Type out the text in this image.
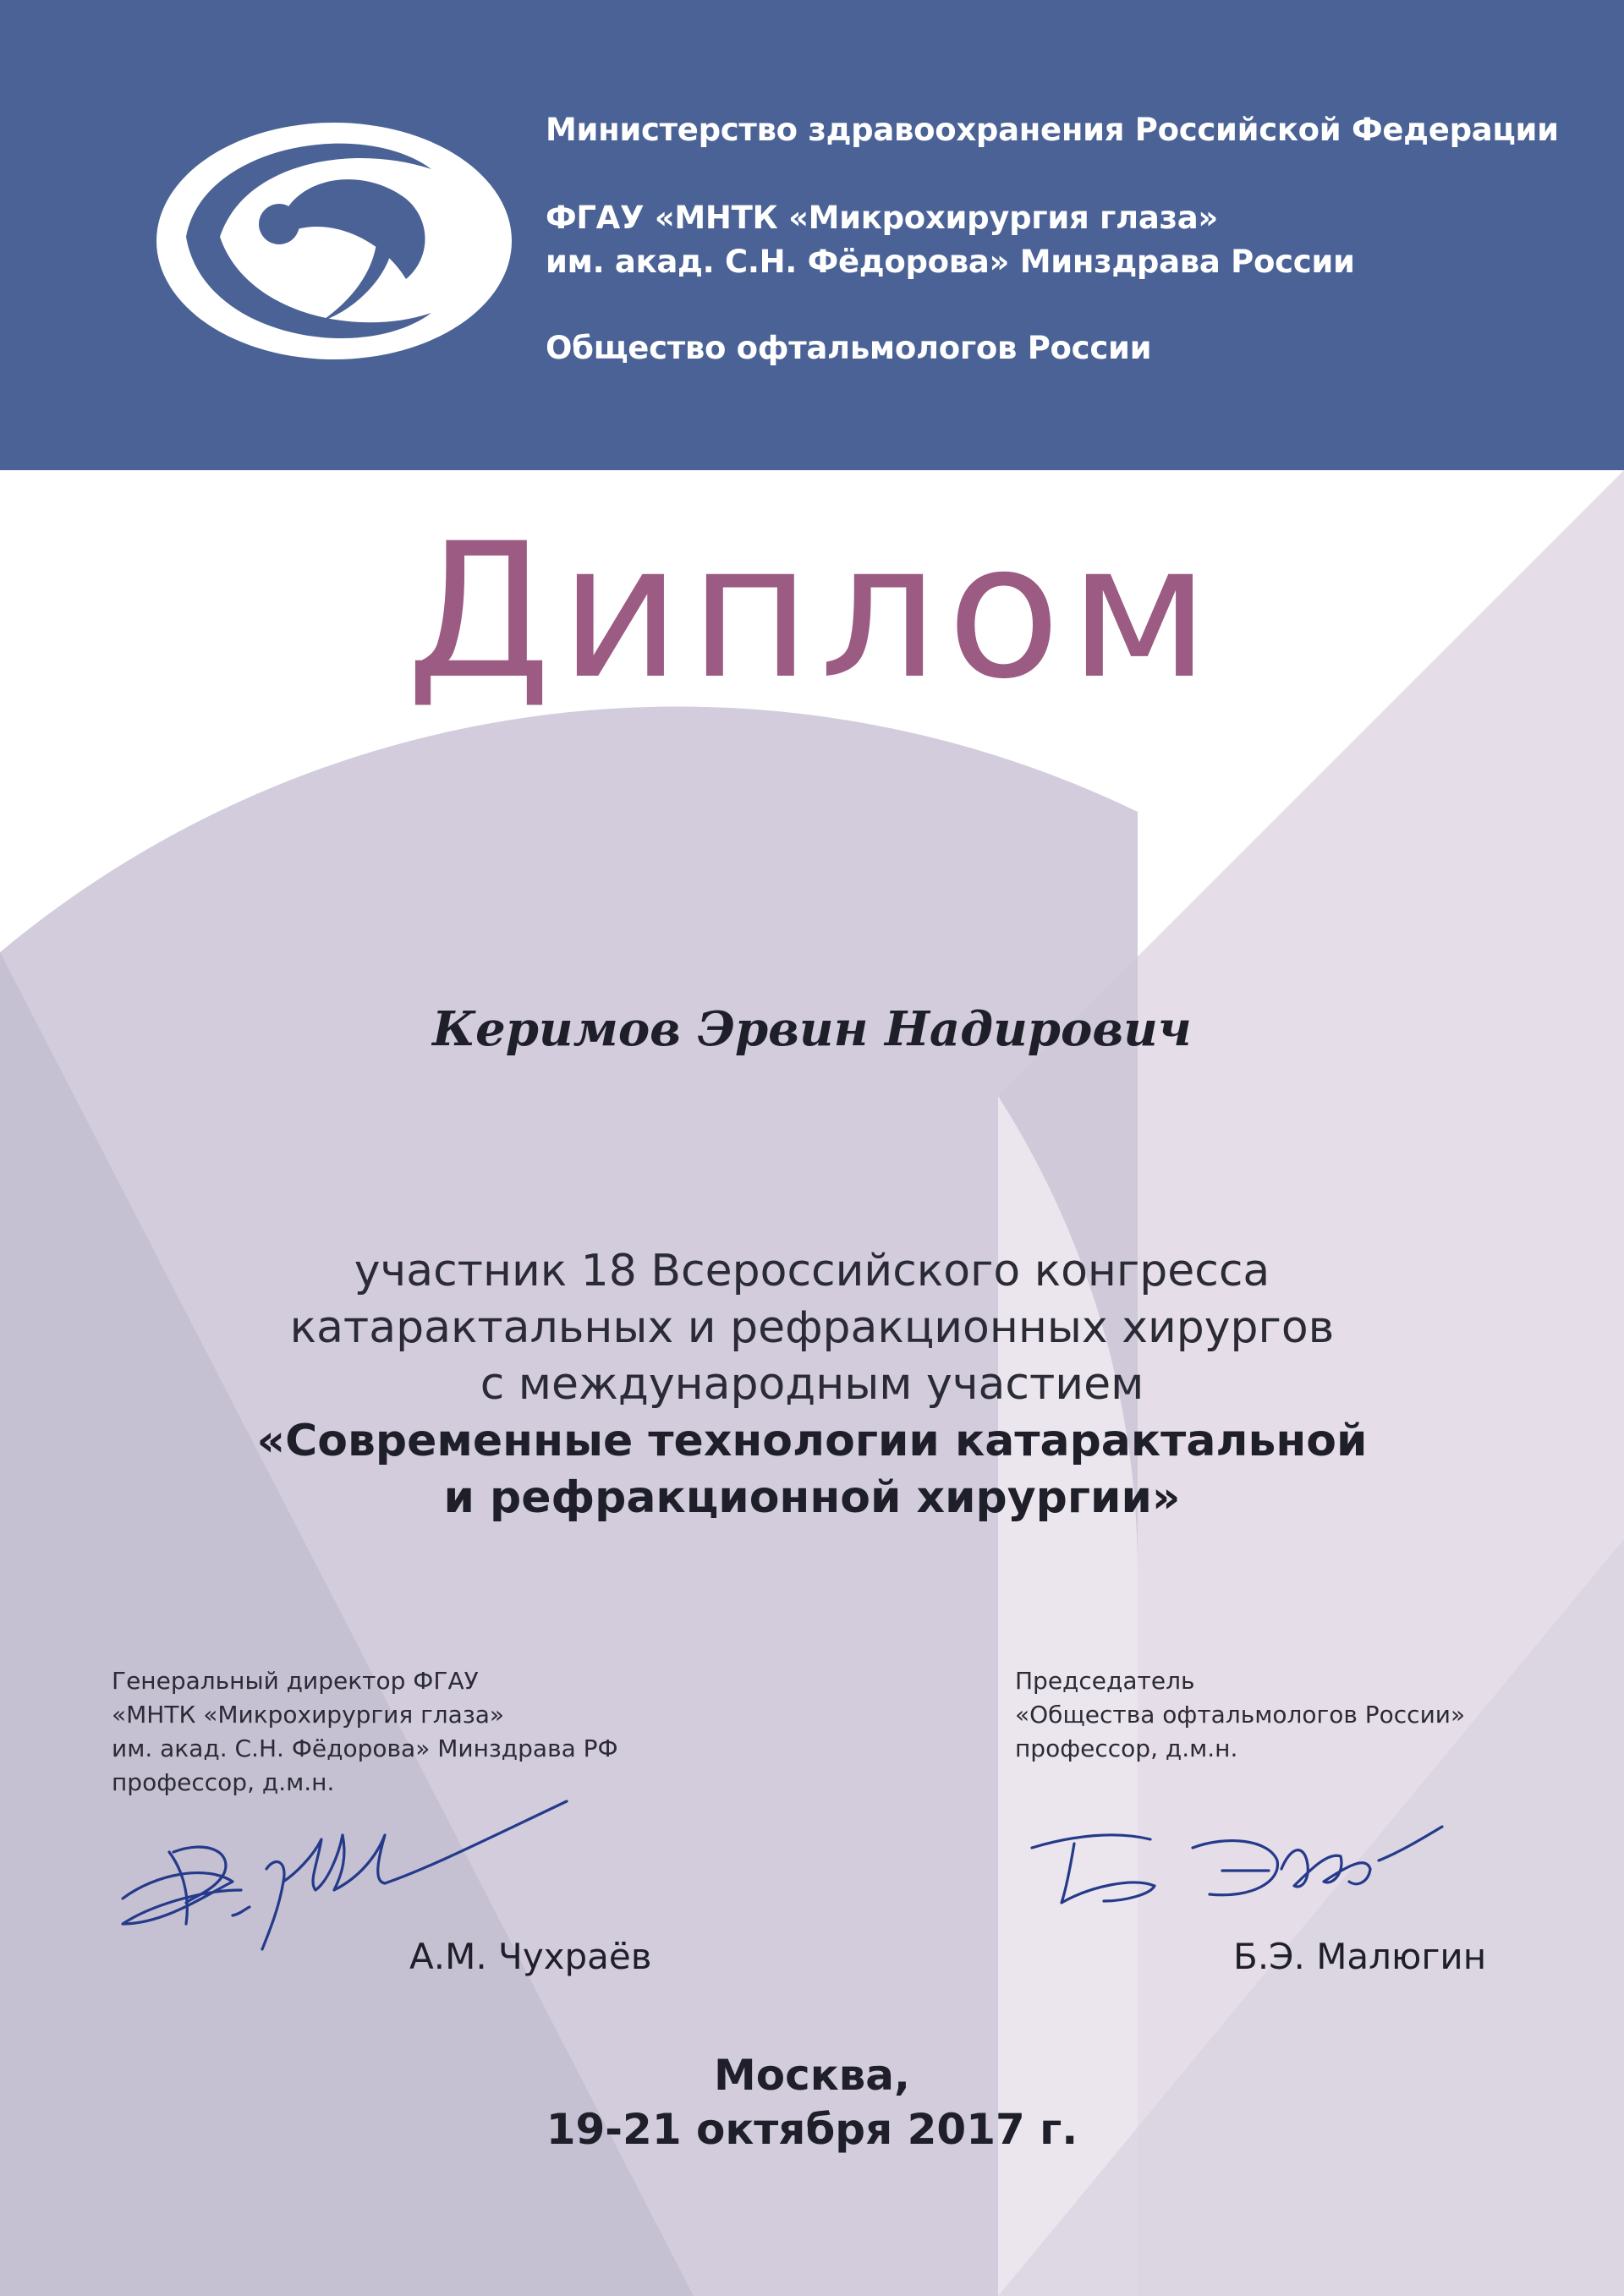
Министерство здравоохранения Российской Федерации
ФГАУ «МНТК «Микрохирургия глаза»
им. акад. С.Н. Фёдорова» Минздрава России
Общество офтальмологов России
Диплом
Керимов Эрвин Надирович
участник 18 Всероссийского конгресса
катарактальных и рефракционных хирургов
с международным участием
«Современные технологии катарактальной
и рефракционной хирургии»
Генеральный директор ФГАУ
«МНТК «Микрохирургия глаза»
им. акад. С.Н. Фёдорова» Минздрава РФ
профессор, д.м.н.
Председатель
«Общества офтальмологов России»
профессор, д.м.н.
А.М. Чухраёв	Б.Э. Малюгин
Москва,
19-21 октября 2017 г.
